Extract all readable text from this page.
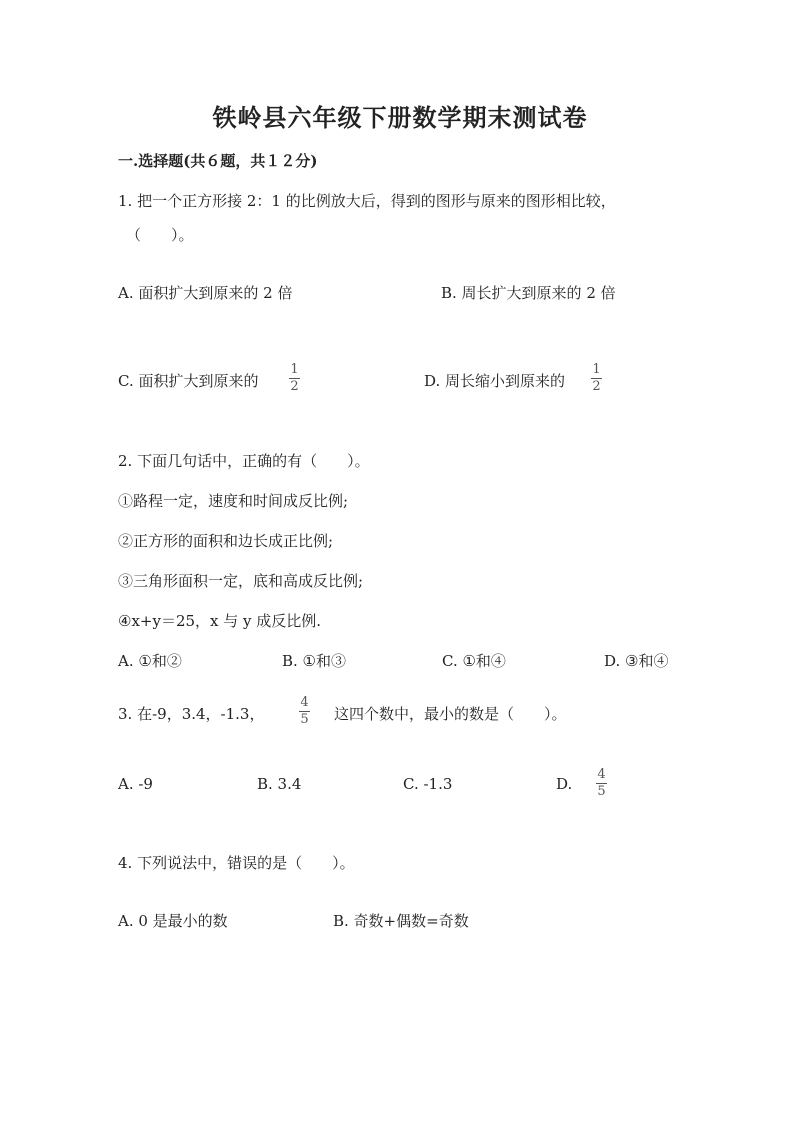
铁岭县六年级下册数学期末测试卷
一.选择题(共６题，共１２分)
1. 把一个正方形接 2：1 的比例放大后，得到的图形与原来的图形相比较，
（　　）。
A. 面积扩大到原来的 2 倍	B. 周长扩大到原来的 2 倍
C. 面积扩大到原来的
1
2	D. 周长缩小到原来的
1
2
2. 下面几句话中，正确的有（　　）。
①路程一定，速度和时间成反比例;
②正方形的面积和边长成正比例;
③三角形面积一定，底和高成反比例;
④x+y＝25，x 与 y 成反比例.
A. ①和②	B. ①和③	C. ①和④	D. ③和④
3. 在-9，3.4，-1.3，
4
5 这四个数中，最小的数是（　　）。
A. -9	B. 3.4	C. -1.3	D.
4
5
4. 下列说法中，错误的是（　　）。
A. 0 是最小的数	B. 奇数+偶数=奇数
